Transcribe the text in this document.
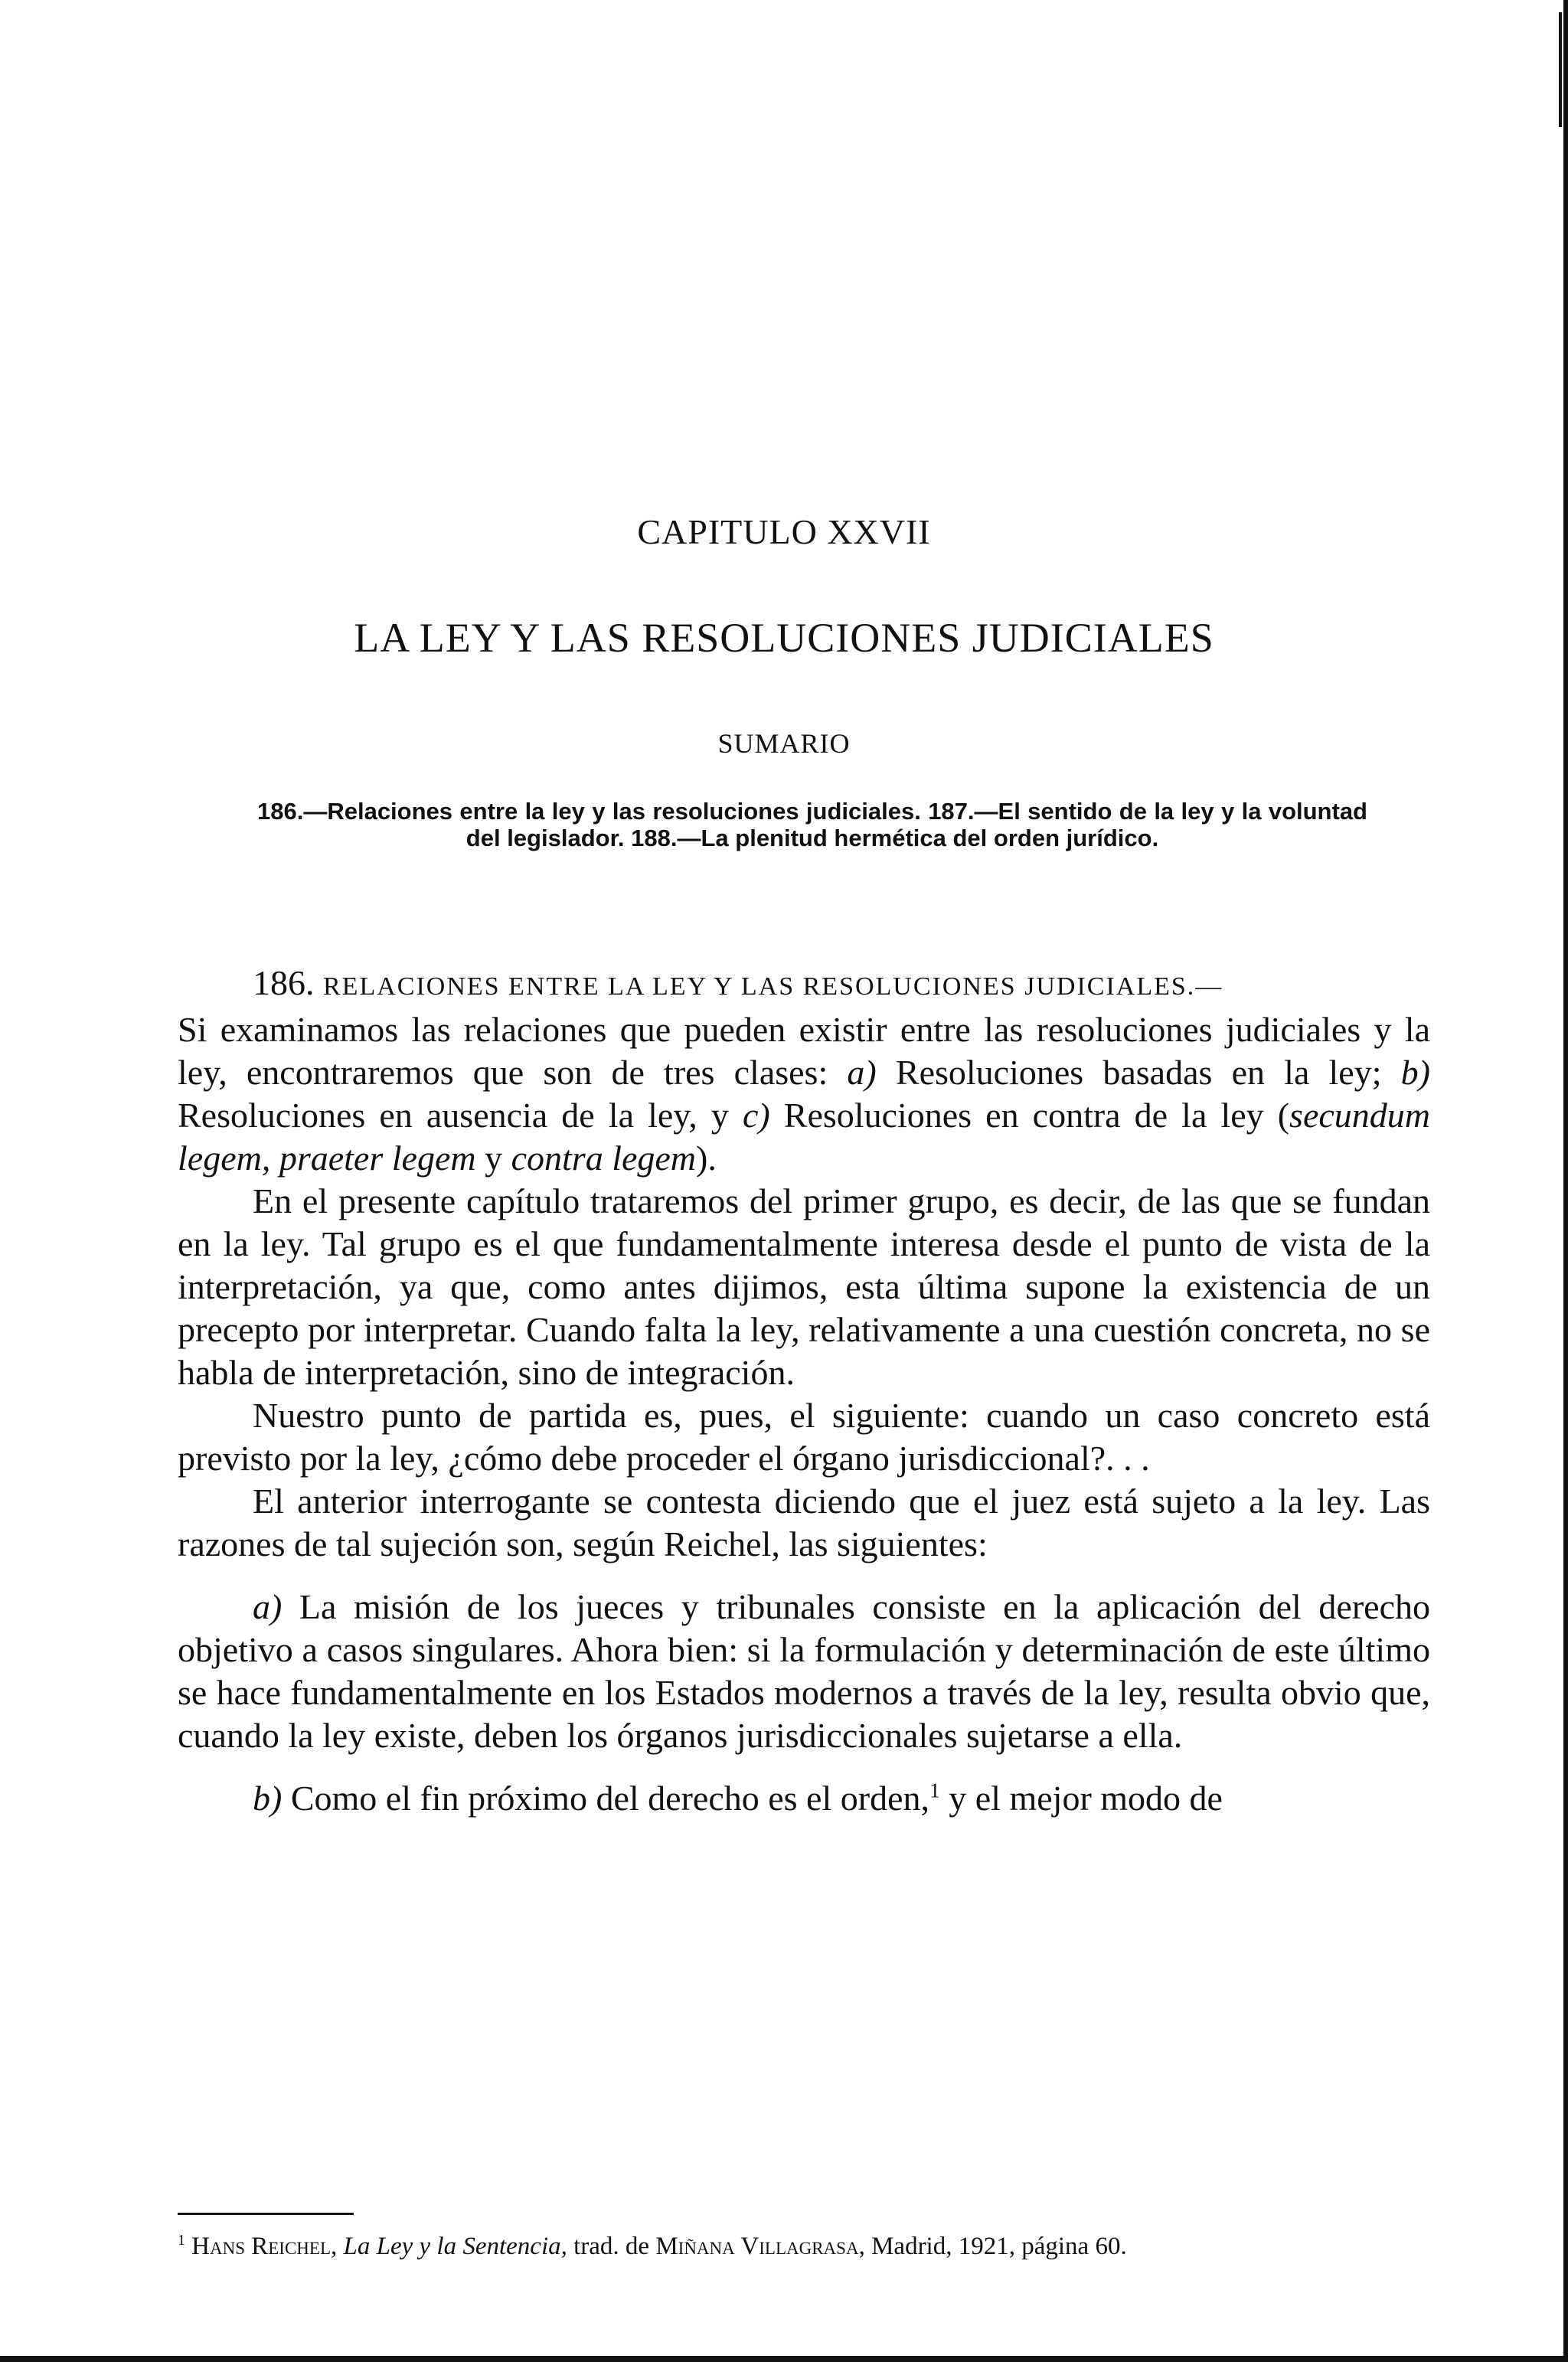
CAPITULO XXVII
LA LEY Y LAS RESOLUCIONES JUDICIALES
SUMARIO
186.—Relaciones entre la ley y las resoluciones judiciales. 187.—El sentido de la ley y la voluntad del legislador. 188.—La plenitud hermética del orden jurídico.

186. RELACIONES ENTRE LA LEY Y LAS RESOLUCIONES JUDICIALES.—

Si examinamos las relaciones que pueden existir entre las resoluciones judiciales y la ley, encontraremos que son de tres clases: a) Resoluciones basadas en la ley; b) Resoluciones en ausencia de la ley, y c) Resoluciones en contra de la ley (secundum legem, praeter legem y contra legem).

En el presente capítulo trataremos del primer grupo, es decir, de las que se fundan en la ley. Tal grupo es el que fundamentalmente interesa desde el punto de vista de la interpretación, ya que, como antes dijimos, esta última supone la existencia de un precepto por interpretar. Cuando falta la ley, relativamente a una cuestión concreta, no se habla de interpretación, sino de integración.

Nuestro punto de partida es, pues, el siguiente: cuando un caso concreto está previsto por la ley, ¿cómo debe proceder el órgano jurisdiccional?. . .

El anterior interrogante se contesta diciendo que el juez está sujeto a la ley. Las razones de tal sujeción son, según Reichel, las siguientes:

a) La misión de los jueces y tribunales consiste en la aplicación del derecho objetivo a casos singulares. Ahora bien: si la formulación y determinación de este último se hace fundamentalmente en los Estados modernos a través de la ley, resulta obvio que, cuando la ley existe, deben los órganos jurisdiccionales sujetarse a ella.

b) Como el fin próximo del derecho es el orden,$^1$ y el mejor modo de

$^1$ Hans Reichel, La Ley y la Sentencia, trad. de Miñana Villagrasa, Madrid, 1921, página 60.
